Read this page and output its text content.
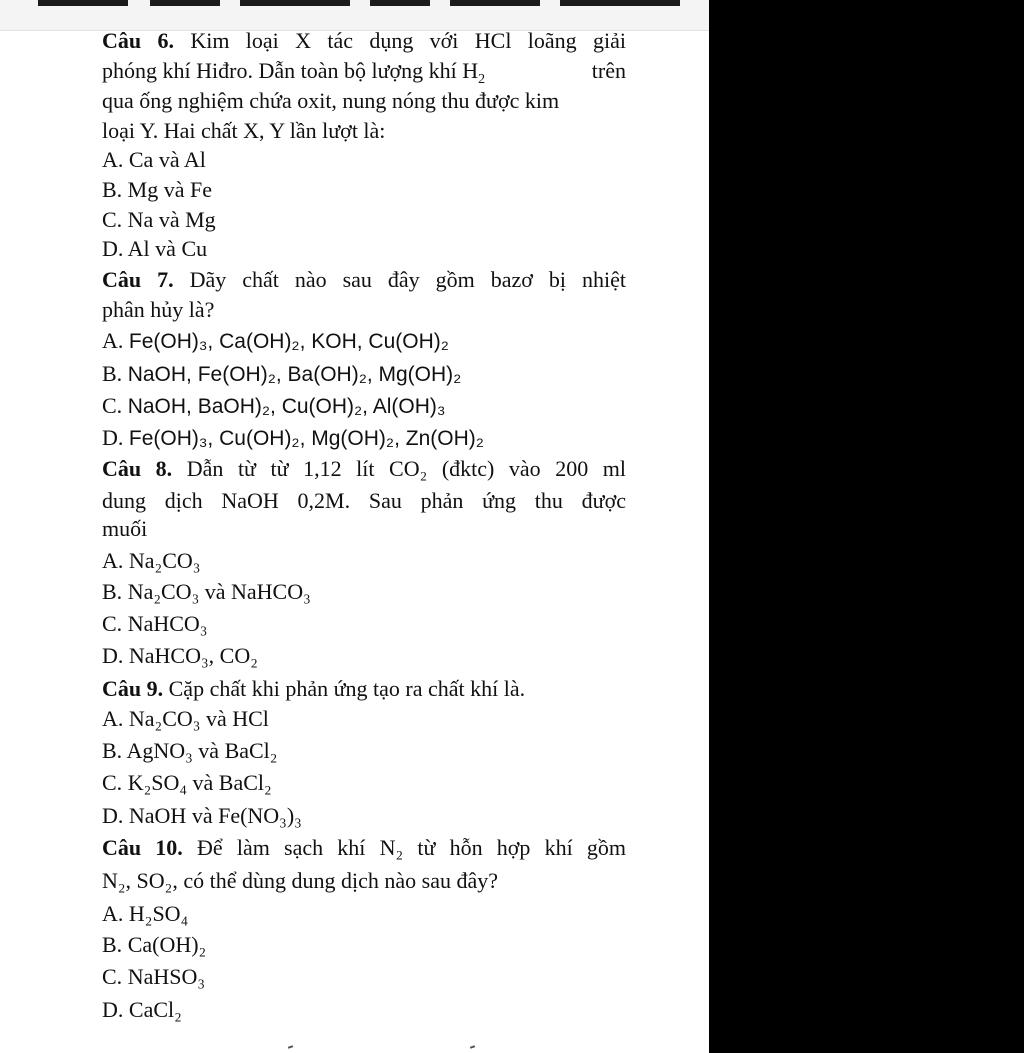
Câu 6. Kim loại X tác dụng với HCl loãng giải
phóng khí Hiđro. Dẫn toàn bộ lượng khí $H_2$	trên
qua ống nghiệm chứa oxit, nung nóng thu được kim
loại Y. Hai chất X, Y lần lượt là:
A. Ca và Al
B. Mg và Fe
C. Na và Mg
D. Al và Cu
Câu 7. Dãy chất nào sau đây gồm bazơ bị nhiệt
phân hủy là?
A. Fe(OH)₃, Ca(OH)₂, KOH, Cu(OH)₂
B. NaOH, Fe(OH)₂, Ba(OH)₂, Mg(OH)₂
C. NaOH, BaOH)₂, Cu(OH)₂, Al(OH)₃
D. Fe(OH)₃, Cu(OH)₂, Mg(OH)₂, Zn(OH)₂
Câu 8. Dẫn từ từ 1,12 lít CO₂ (đktc) vào 200 ml
dung dịch NaOH 0,2M. Sau phản ứng thu được
muối
A. Na₂CO₃
B. Na₂CO₃ và NaHCO₃
C. NaHCO₃
D. NaHCO₃, CO₂
Câu 9. Cặp chất khi phản ứng tạo ra chất khí là.
A. Na₂CO₃ và HCl
B. AgNO₃ và BaCl₂
C. K₂SO₄ và BaCl₂
D. NaOH và Fe(NO₃)₃
Câu 10. Để làm sạch khí N₂ từ hỗn hợp khí gồm
N₂, SO₂, có thể dùng dung dịch nào sau đây?
A. H₂SO₄
B. Ca(OH)₂
C. NaHSO₃
D. CaCl₂
